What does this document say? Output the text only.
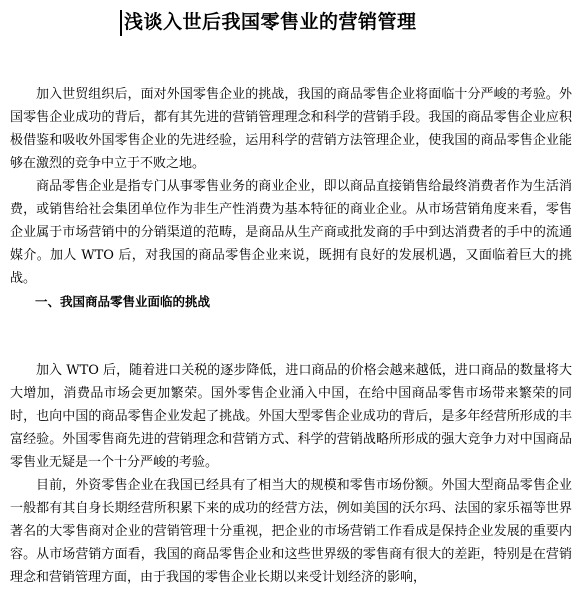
浅谈入世后我国零售业的营销管理

加入世贸组织后，面对外国零售企业的挑战，我国的商品零售企业将面临十分严峻的考验。外国零售企业成功的背后，都有其先进的营销管理理念和科学的营销手段。我国的商品零售企业应积极借鉴和吸收外国零售企业的先进经验，运用科学的营销方法管理企业，使我国的商品零售企业能够在激烈的竞争中立于不败之地。

商品零售企业是指专门从事零售业务的商业企业，即以商品直接销售给最终消费者作为生活消费，或销售给社会集团单位作为非生产性消费为基本特征的商业企业。从市场营销角度来看，零售企业属于市场营销中的分销渠道的范畴，是商品从生产商或批发商的手中到达消费者的手中的流通媒介。加人 WTO 后，对我国的商品零售企业来说，既拥有良好的发展机遇，又面临着巨大的挑战。

一、我国商品零售业面临的挑战

加入 WTO 后，随着进口关税的逐步降低，进口商品的价格会越来越低，进口商品的数量将大大增加，消费品市场会更加繁荣。国外零售企业涌入中国，在给中国商品零售市场带来繁荣的同时，也向中国的商品零售企业发起了挑战。外国大型零售企业成功的背后，是多年经营所形成的丰富经验。外国零售商先进的营销理念和营销方式、科学的营销战略所形成的强大竞争力对中国商品零售业无疑是一个十分严峻的考验。

目前，外资零售企业在我国已经具有了相当大的规模和零售市场份额。外国大型商品零售企业一般都有其自身长期经营所积累下来的成功的经营方法，例如美国的沃尔玛、法国的家乐福等世界著名的大零售商对企业的营销管理十分重视，把企业的市场营销工作看成是保持企业发展的重要内容。从市场营销方面看，我国的商品零售企业和这些世界级的零售商有很大的差距，特别是在营销理念和营销管理方面，由于我国的零售企业长期以来受计划经济的影响，
